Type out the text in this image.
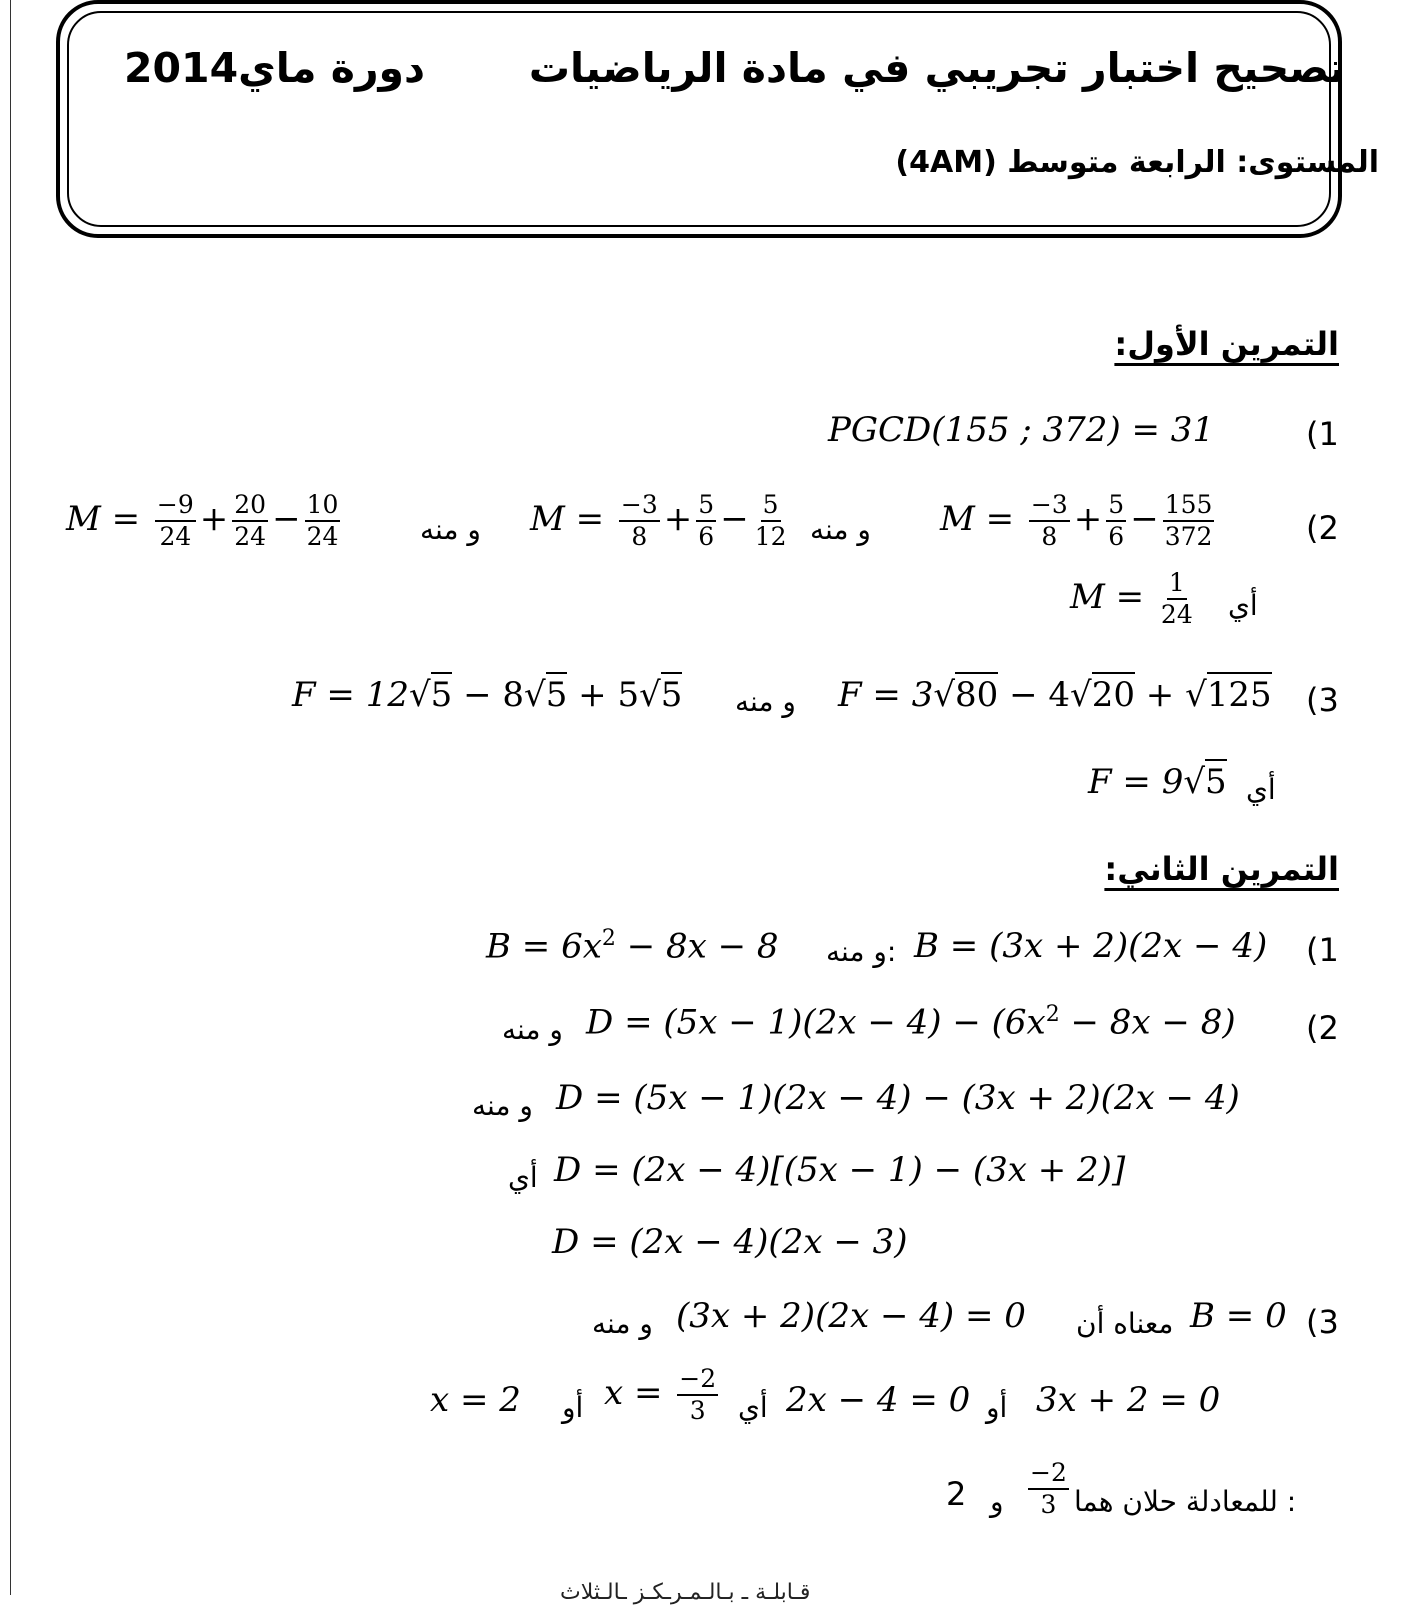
تصحيح اختبار تجريبي في مادة الرياضيات
دورة ماي2014
المستوى: الرابعة متوسط (4AM)
التمرين الأول:
(1
PGCD(155 ; 372) = 31
(2
$M = \frac{-3}{8} + \frac{5}{6} - \frac{155}{372}$
و منه
$M = \frac{-3}{8} + \frac{5}{6} - \frac{5}{12}$
و منه
$M = \frac{-9}{24} + \frac{20}{24} - \frac{10}{24}$
أي
$M = \frac{1}{24}$
(3
F = 3√80 − 4√20 + √125
و منه
F = 12√5 − 8√5 + 5√5
أي
F = 9√5
التمرين الثاني:
(1
B = (3x + 2)(2x − 4)
و منه:
$B = 6x^2 - 8x - 8$
(2
$D = (5x - 1)(2x - 4) - (6x^2 - 8x - 8)$
و منه
D = (5x − 1)(2x − 4) − (3x + 2)(2x − 4)
و منه
D = (2x − 4)[(5x − 1) − (3x + 2)]
أي
D = (2x − 4)(2x − 3)
(3
B = 0
معناه أن
(3x + 2)(2x − 4) = 0
و منه
3x + 2 = 0
أو
2x − 4 = 0
أي
$x = \frac{-2}{3}$
أو
x = 2
للمعادلة حلان هما :
$\frac{-2}{3}$
و
2
قـابلـة ـ بـالـمـرـكـز ـالـثلاث
